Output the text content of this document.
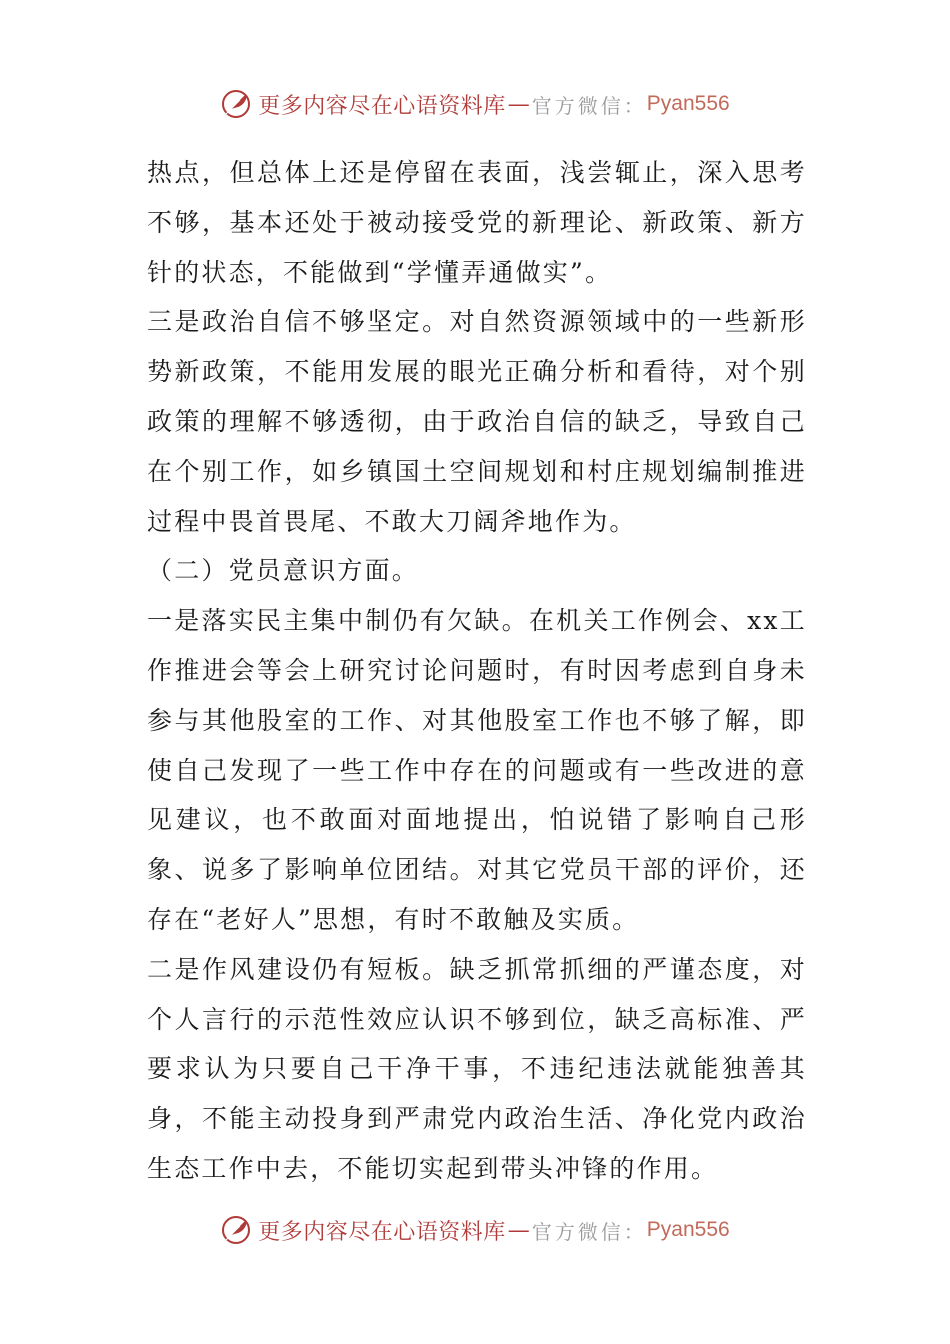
更多内容尽在心语资料库 — 官方微信： Pyan556

热点，但总体上还是停留在表面，浅尝辄止，深入思考不够，基本还处于被动接受党的新理论、新政策、新方针的状态，不能做到“学懂弄通做实”。

三是政治自信不够坚定。对自然资源领域中的一些新形势新政策，不能用发展的眼光正确分析和看待，对个别政策的理解不够透彻，由于政治自信的缺乏，导致自己在个别工作，如乡镇国土空间规划和村庄规划编制推进过程中畏首畏尾、不敢大刀阔斧地作为。

（二）党员意识方面。

一是落实民主集中制仍有欠缺。在机关工作例会、xx工作推进会等会上研究讨论问题时，有时因考虑到自身未参与其他股室的工作、对其他股室工作也不够了解，即使自己发现了一些工作中存在的问题或有一些改进的意见建议，也不敢面对面地提出，怕说错了影响自己形象、说多了影响单位团结。对其它党员干部的评价，还存在“老好人”思想，有时不敢触及实质。

二是作风建设仍有短板。缺乏抓常抓细的严谨态度，对个人言行的示范性效应认识不够到位，缺乏高标准、严要求认为只要自己干净干事，不违纪违法就能独善其身，不能主动投身到严肃党内政治生活、净化党内政治生态工作中去，不能切实起到带头冲锋的作用。

更多内容尽在心语资料库 — 官方微信： Pyan556
